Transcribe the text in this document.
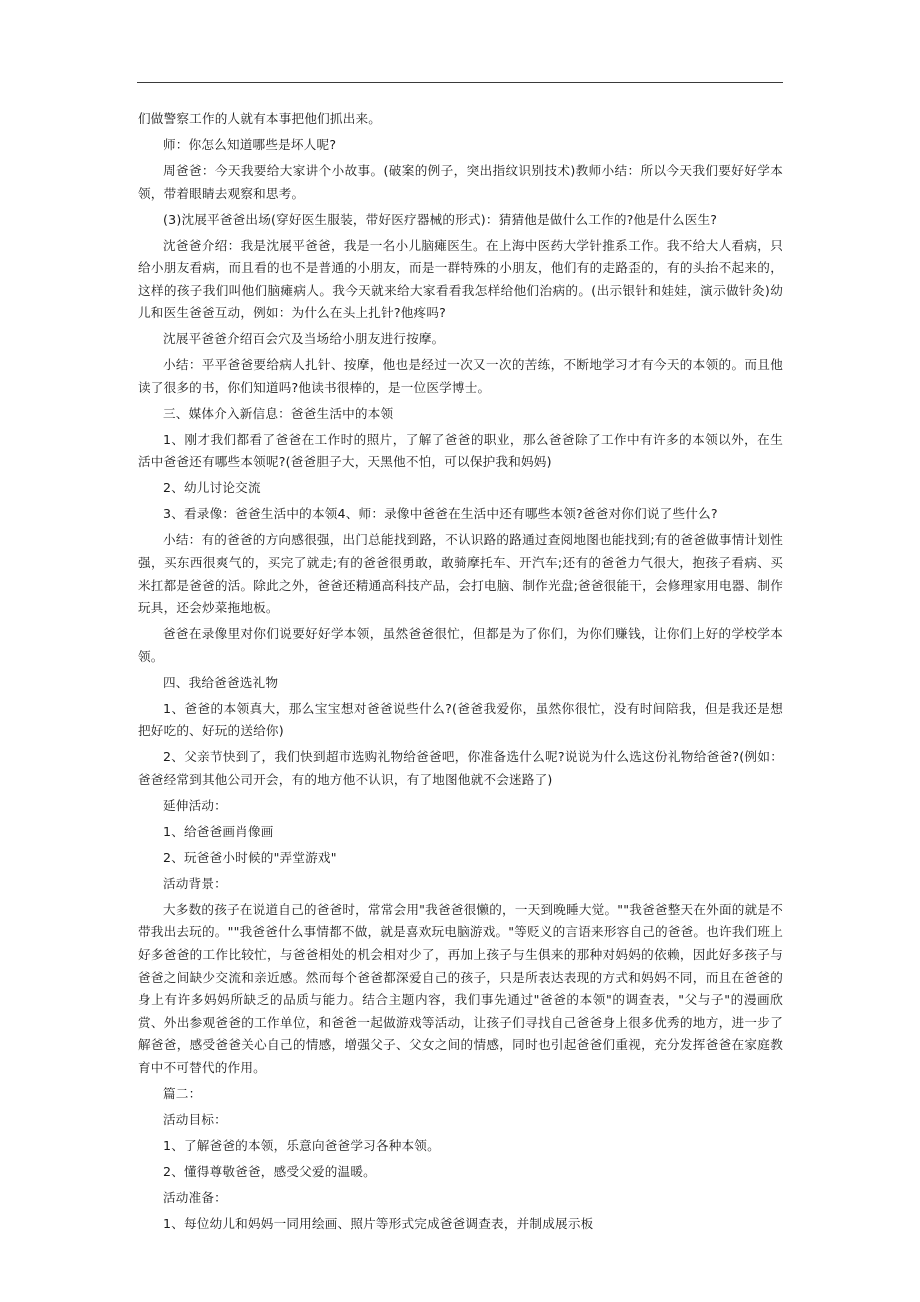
们做警察工作的人就有本事把他们抓出来。

师：你怎么知道哪些是坏人呢?

周爸爸：今天我要给大家讲个小故事。(破案的例子，突出指纹识别技术)教师小结：所以今天我们要好好学本领，带着眼睛去观察和思考。

(3)沈展平爸爸出场(穿好医生服装，带好医疗器械的形式)：猜猜他是做什么工作的?他是什么医生?

沈爸爸介绍：我是沈展平爸爸，我是一名小儿脑瘫医生。在上海中医药大学针推系工作。我不给大人看病，只给小朋友看病，而且看的也不是普通的小朋友，而是一群特殊的小朋友，他们有的走路歪的，有的头抬不起来的，这样的孩子我们叫他们脑瘫病人。我今天就来给大家看看我怎样给他们治病的。(出示银针和娃娃，演示做针灸)幼儿和医生爸爸互动，例如：为什么在头上扎针?他疼吗?

沈展平爸爸介绍百会穴及当场给小朋友进行按摩。

小结：平平爸爸要给病人扎针、按摩，他也是经过一次又一次的苦练，不断地学习才有今天的本领的。而且他读了很多的书，你们知道吗?他读书很棒的，是一位医学博士。

三、媒体介入新信息：爸爸生活中的本领

1、刚才我们都看了爸爸在工作时的照片，了解了爸爸的职业，那么爸爸除了工作中有许多的本领以外，在生活中爸爸还有哪些本领呢?(爸爸胆子大，天黑他不怕，可以保护我和妈妈)

2、幼儿讨论交流

3、看录像：爸爸生活中的本领4、师：录像中爸爸在生活中还有哪些本领?爸爸对你们说了些什么?

小结：有的爸爸的方向感很强，出门总能找到路，不认识路的路通过查阅地图也能找到;有的爸爸做事情计划性强，买东西很爽气的，买完了就走;有的爸爸很勇敢，敢骑摩托车、开汽车;还有的爸爸力气很大，抱孩子看病、买米扛都是爸爸的活。除此之外，爸爸还精通高科技产品，会打电脑、制作光盘;爸爸很能干，会修理家用电器、制作玩具，还会炒菜拖地板。

爸爸在录像里对你们说要好好学本领，虽然爸爸很忙，但都是为了你们，为你们赚钱，让你们上好的学校学本领。

四、我给爸爸选礼物

1、爸爸的本领真大，那么宝宝想对爸爸说些什么?(爸爸我爱你，虽然你很忙，没有时间陪我，但是我还是想把好吃的、好玩的送给你)

2、父亲节快到了，我们快到超市选购礼物给爸爸吧，你准备选什么呢?说说为什么选这份礼物给爸爸?(例如：爸爸经常到其他公司开会，有的地方他不认识，有了地图他就不会迷路了)

延伸活动：

1、给爸爸画肖像画

2、玩爸爸小时候的"弄堂游戏"

活动背景：

大多数的孩子在说道自己的爸爸时，常常会用"我爸爸很懒的，一天到晚睡大觉。""我爸爸整天在外面的就是不带我出去玩的。""我爸爸什么事情都不做，就是喜欢玩电脑游戏。"等贬义的言语来形容自己的爸爸。也许我们班上好多爸爸的工作比较忙，与爸爸相处的机会相对少了，再加上孩子与生俱来的那种对妈妈的依赖，因此好多孩子与爸爸之间缺少交流和亲近感。然而每个爸爸都深爱自己的孩子，只是所表达表现的方式和妈妈不同，而且在爸爸的身上有许多妈妈所缺乏的品质与能力。结合主题内容，我们事先通过"爸爸的本领"的调查表，"父与子"的漫画欣赏、外出参观爸爸的工作单位，和爸爸一起做游戏等活动，让孩子们寻找自己爸爸身上很多优秀的地方，进一步了解爸爸，感受爸爸关心自己的情感，增强父子、父女之间的情感，同时也引起爸爸们重视，充分发挥爸爸在家庭教育中不可替代的作用。

篇二：

活动目标：

1、了解爸爸的本领，乐意向爸爸学习各种本领。

2、懂得尊敬爸爸，感受父爱的温暖。

活动准备：

1、每位幼儿和妈妈一同用绘画、照片等形式完成爸爸调查表，并制成展示板
